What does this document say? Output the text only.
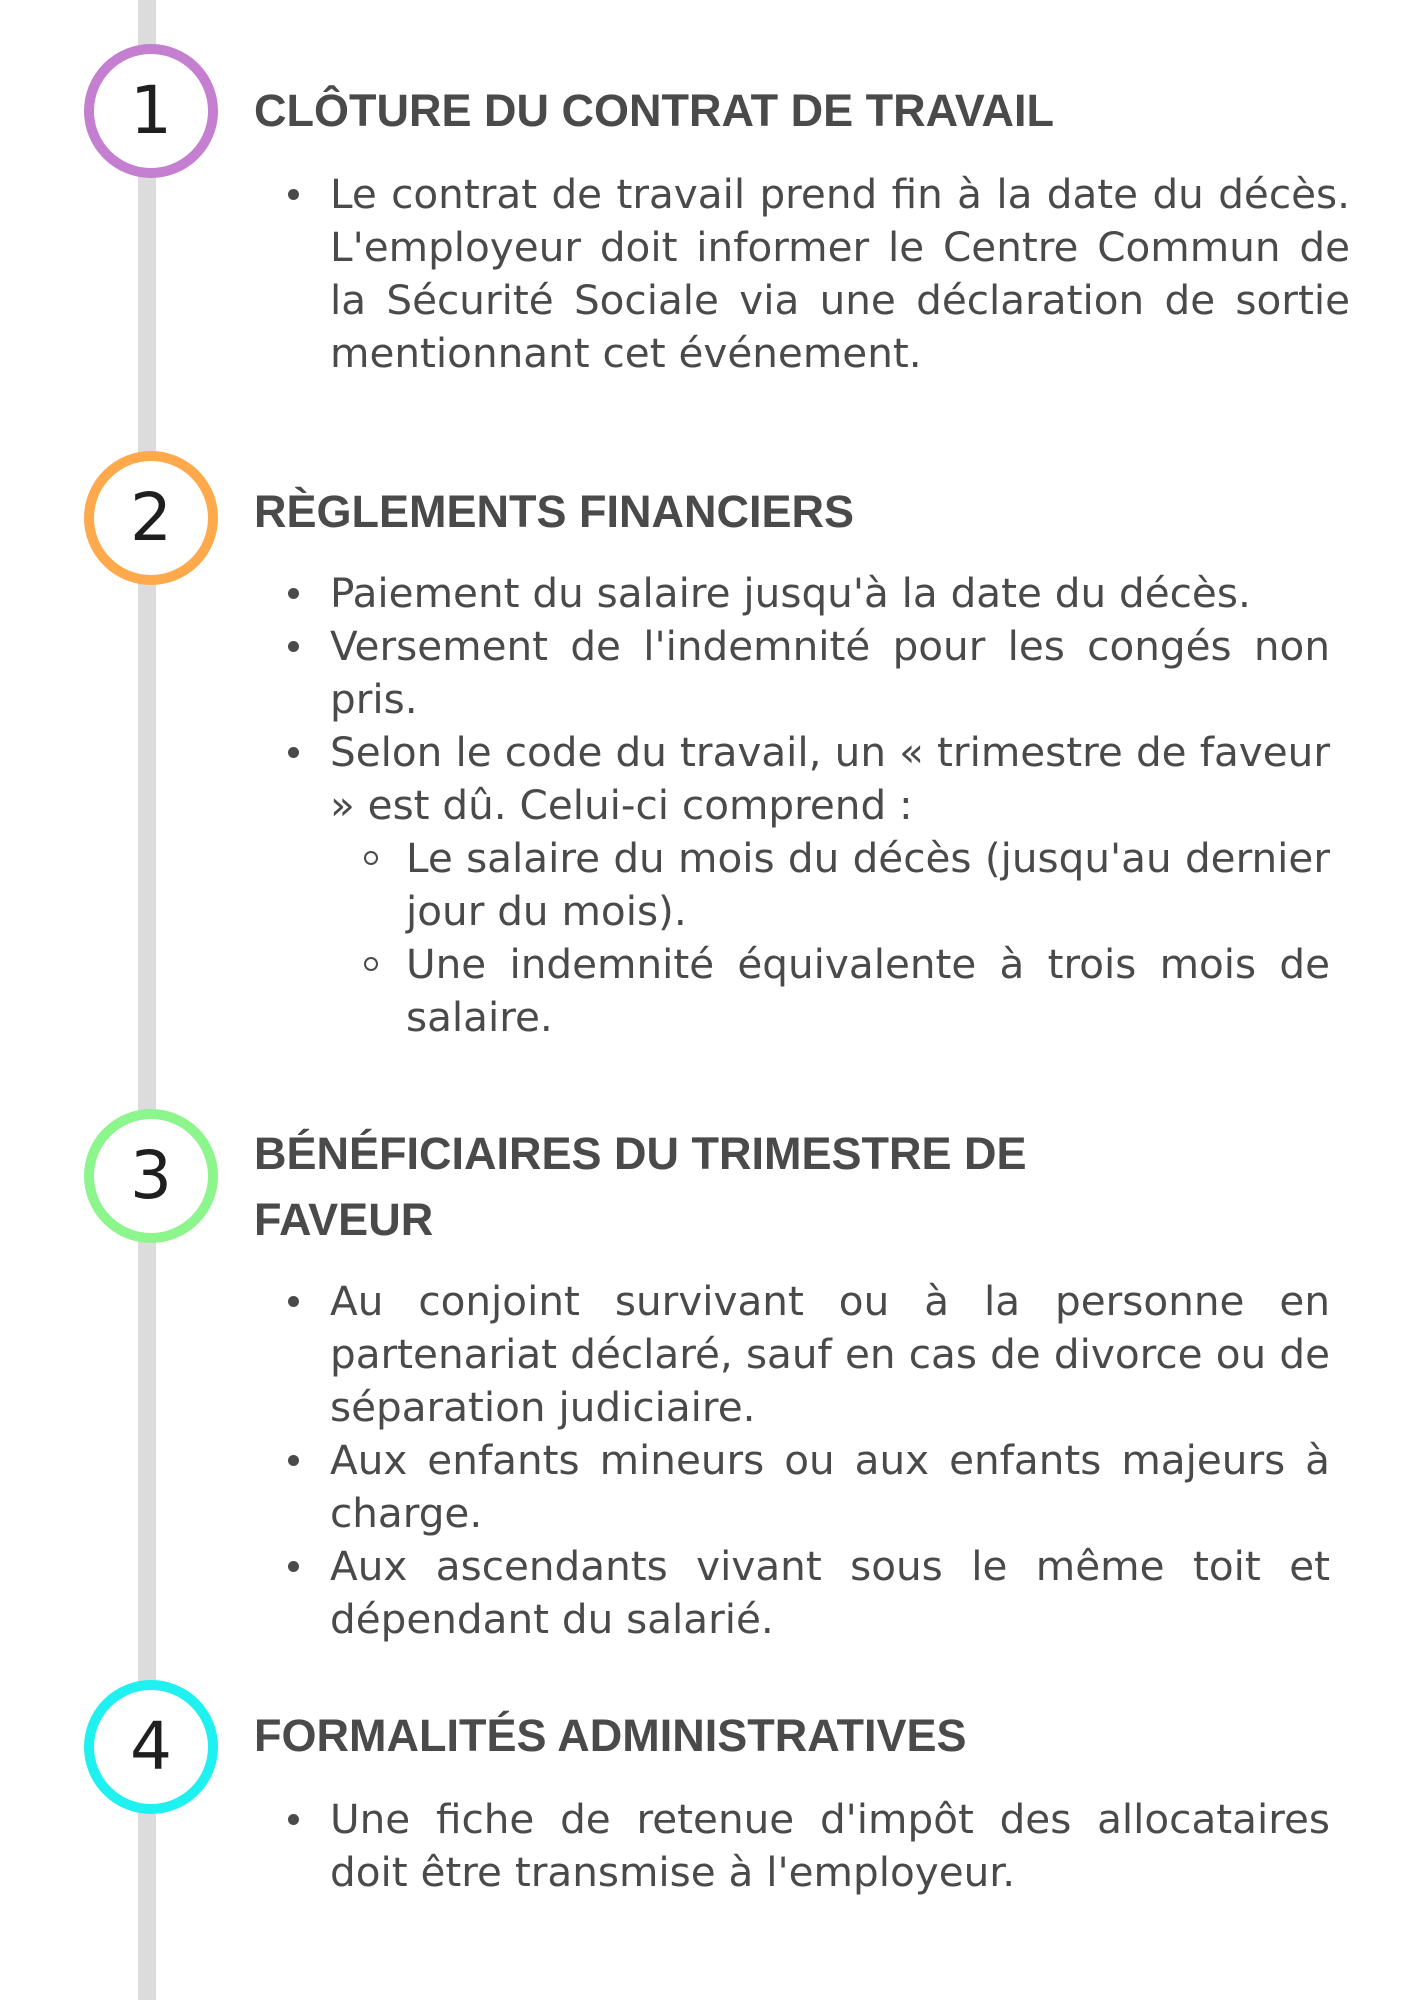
1 CLÔTURE DU CONTRAT DE TRAVAIL
Le contrat de travail prend fin à la date du décès. L'employeur doit informer le Centre Commun de la Sécurité Sociale via une déclaration de sortie mentionnant cet événement.
2 RÈGLEMENTS FINANCIERS
Paiement du salaire jusqu'à la date du décès.
Versement de l'indemnité pour les congés non pris.
Selon le code du travail, un « trimestre de faveur » est dû. Celui-ci comprend :
Le salaire du mois du décès (jusqu'au dernier jour du mois).
Une indemnité équivalente à trois mois de salaire.
3 BÉNÉFICIAIRES DU TRIMESTRE DE FAVEUR
Au conjoint survivant ou à la personne en partenariat déclaré, sauf en cas de divorce ou de séparation judiciaire.
Aux enfants mineurs ou aux enfants majeurs à charge.
Aux ascendants vivant sous le même toit et dépendant du salarié.
4 FORMALITÉS ADMINISTRATIVES
Une fiche de retenue d'impôt des allocataires doit être transmise à l'employeur.
